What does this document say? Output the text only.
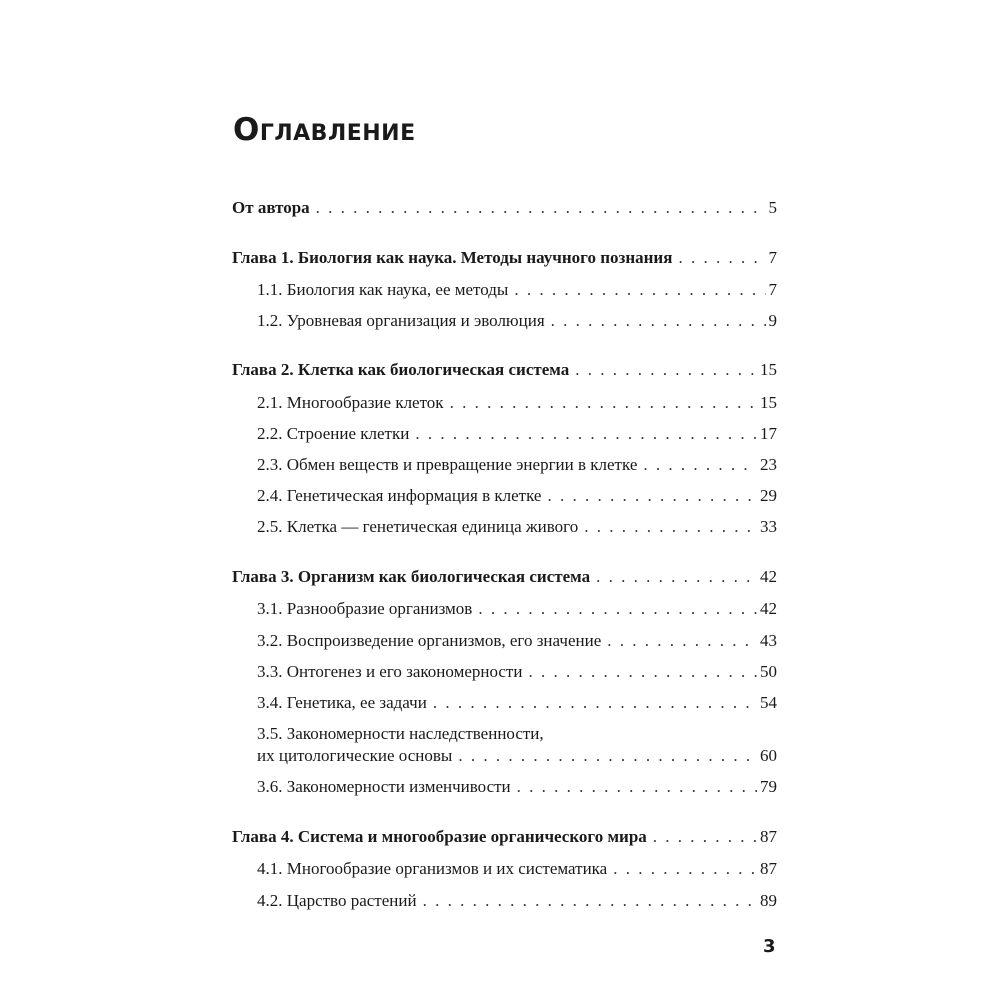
Оглавление
От автора . . .	5
Глава 1. Биология как наука. Методы научного познания . . .	7
1.1. Биология как наука, ее методы . . .	7
1.2. Уровневая организация и эволюция . . .	9
Глава 2. Клетка как биологическая система . . .	15
2.1. Многообразие клеток . . .	15
2.2. Строение клетки . . .	17
2.3. Обмен веществ и превращение энергии в клетке . . .	23
2.4. Генетическая информация в клетке . . .	29
2.5. Клетка — генетическая единица живого . . .	33
Глава 3. Организм как биологическая система . . .	42
3.1. Разнообразие организмов . . .	42
3.2. Воспроизведение организмов, его значение . . .	43
3.3. Онтогенез и его закономерности . . .	50
3.4. Генетика, ее задачи . . .	54
3.5. Закономерности наследственности,
их цитологические основы . . .	60
3.6. Закономерности изменчивости . . .	79
Глава 4. Система и многообразие органического мира . . .	87
4.1. Многообразие организмов и их систематика . . .	87
4.2. Царство растений . . .	89
3
